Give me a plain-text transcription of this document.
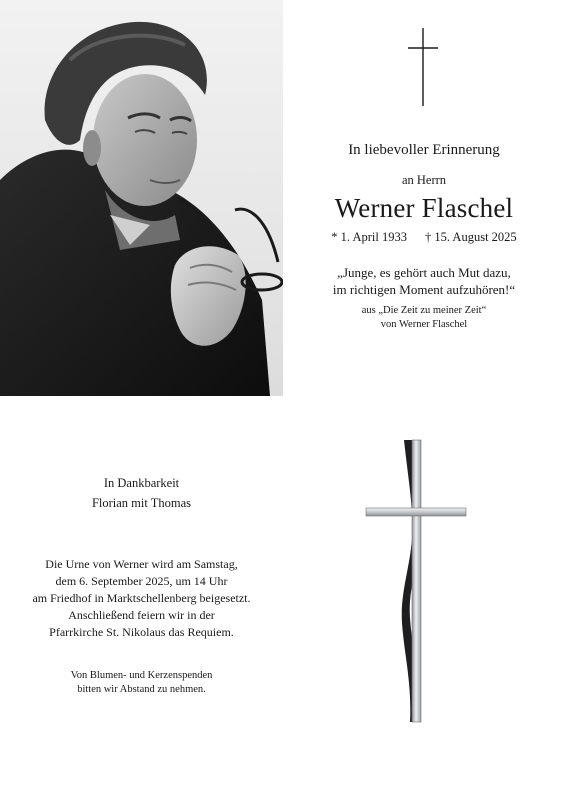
In liebevoller Erinnerung
an Herrn
Werner Flaschel
* 1. April 1933 † 15. August 2025
„Junge, es gehört auch Mut dazu,
im richtigen Moment aufzuhören!“
aus „Die Zeit zu meiner Zeit“
von Werner Flaschel
In Dankbarkeit
Florian mit Thomas
Die Urne von Werner wird am Samstag,
dem 6. September 2025, um 14 Uhr
am Friedhof in Marktschellenberg beigesetzt.
Anschließend feiern wir in der
Pfarrkirche St. Nikolaus das Requiem.
Von Blumen- und Kerzenspenden
bitten wir Abstand zu nehmen.
